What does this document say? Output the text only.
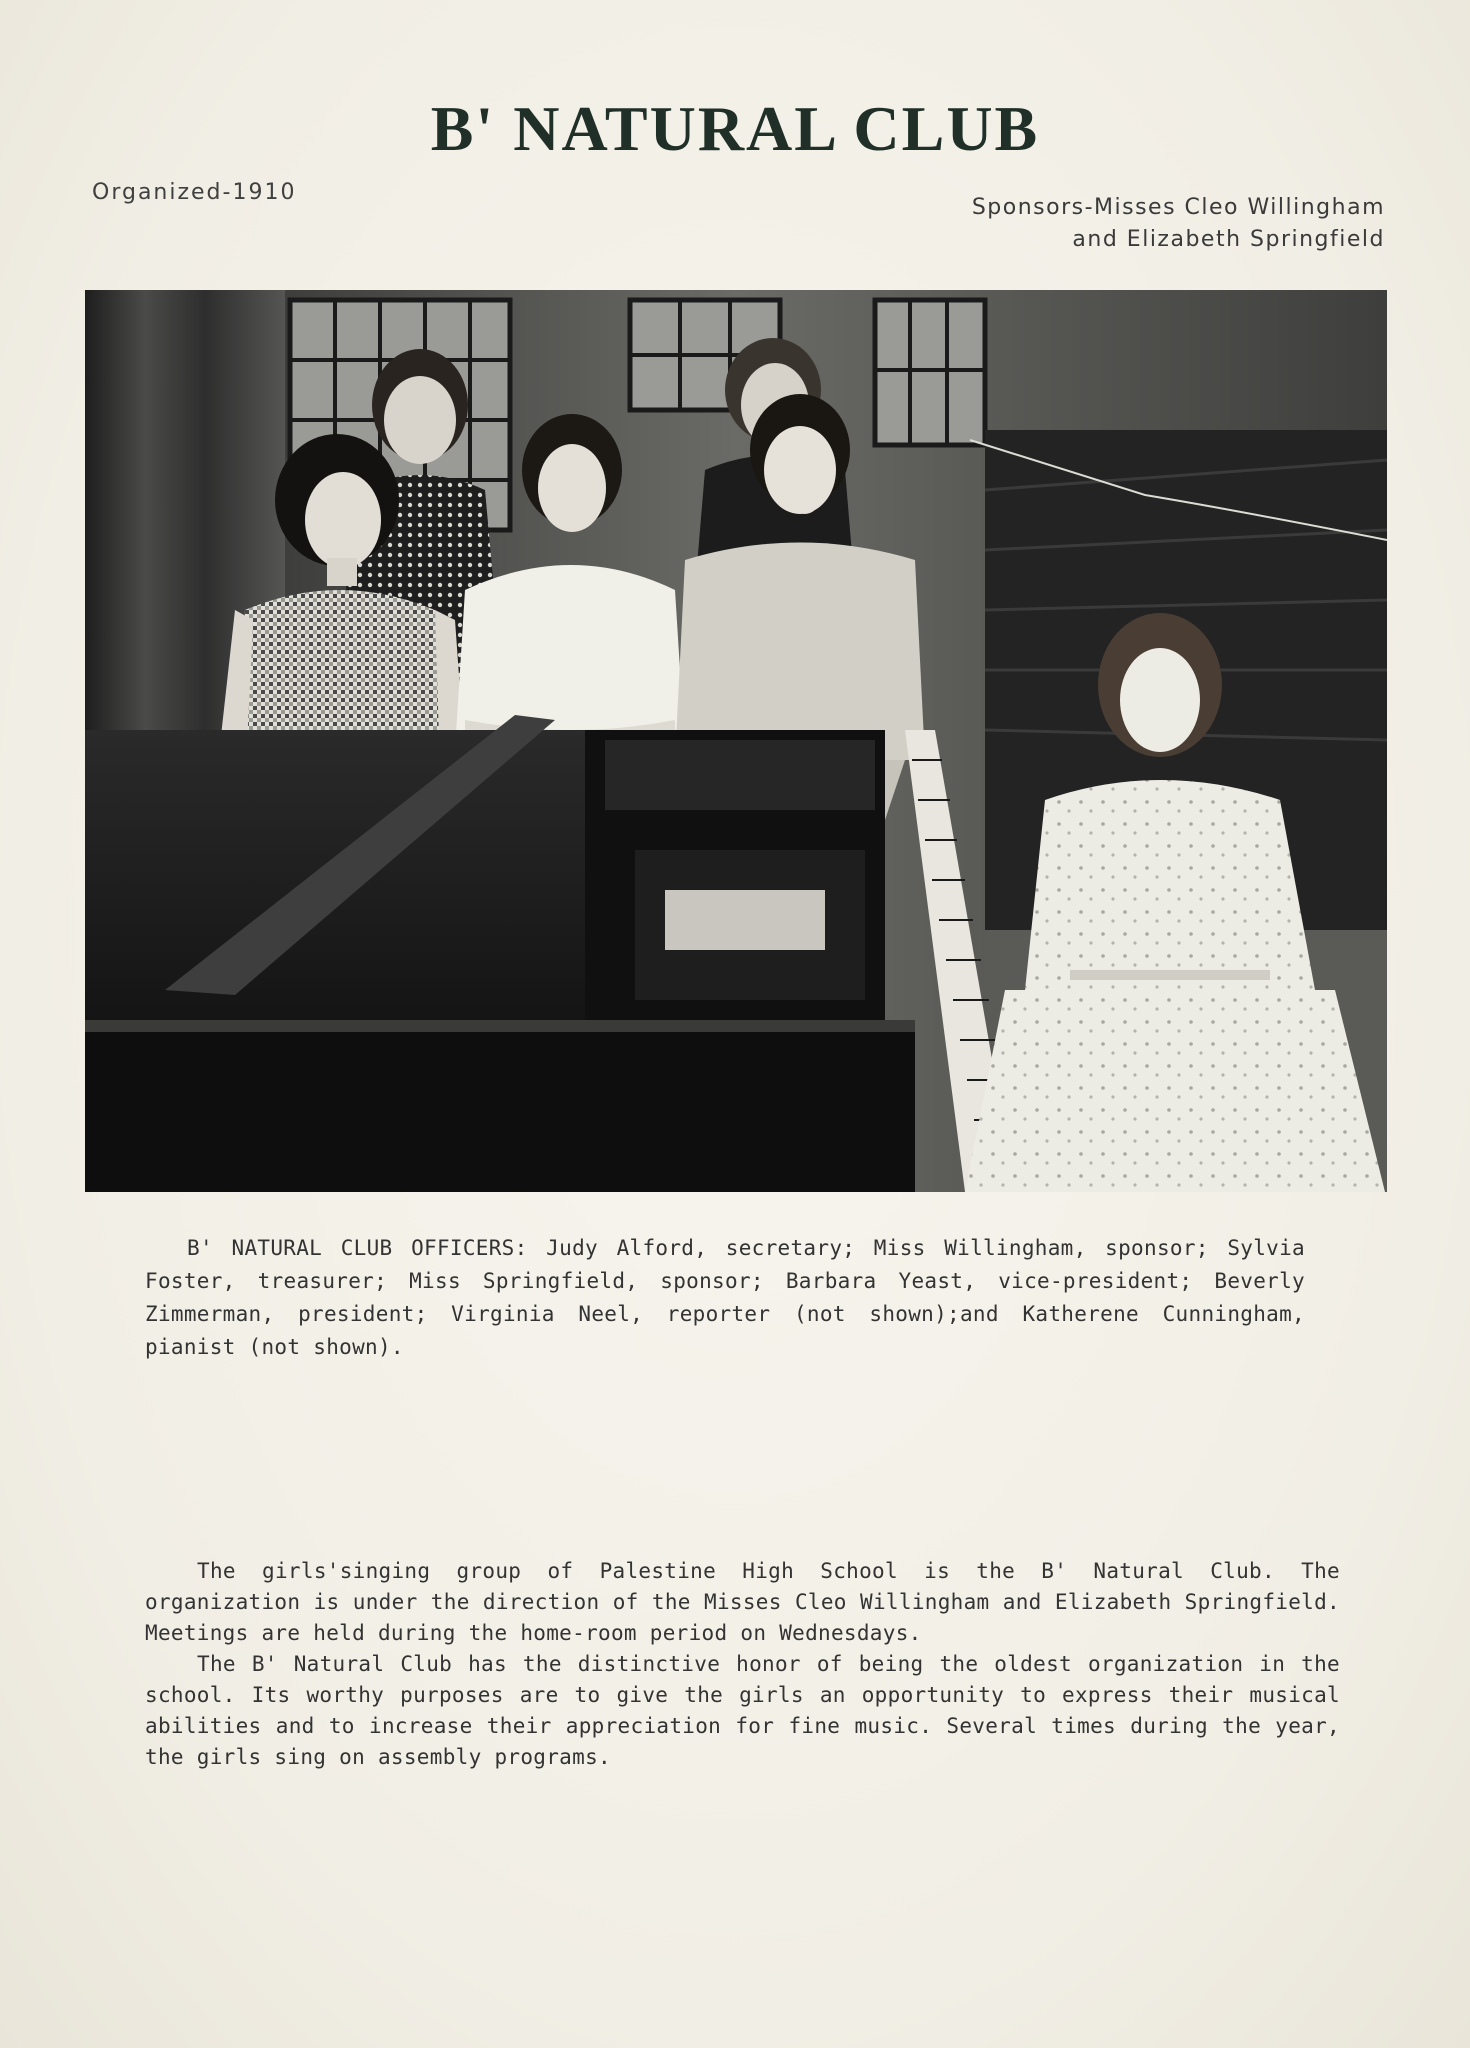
B' NATURAL CLUB
Organized-1910
Sponsors-Misses Cleo Willingham
and Elizabeth Springfield
B' NATURAL CLUB OFFICERS: Judy Alford, secretary; Miss Willingham, sponsor; Sylvia Foster, treasurer; Miss Springfield, sponsor; Barbara Yeast, vice-president; Beverly Zimmerman, president; Virginia Neel, reporter (not shown);and Katherene Cunningham, pianist (not shown).

The girls'singing group of Palestine High School is the B' Natural Club. The organization is under the direction of the Misses Cleo Willingham and Elizabeth Springfield. Meetings are held during the home-room period on Wednesdays.

The B' Natural Club has the distinctive honor of being the oldest organization in the school. Its worthy purposes are to give the girls an opportunity to express their musical abilities and to increase their appreciation for fine music. Several times during the year, the girls sing on assembly programs.
